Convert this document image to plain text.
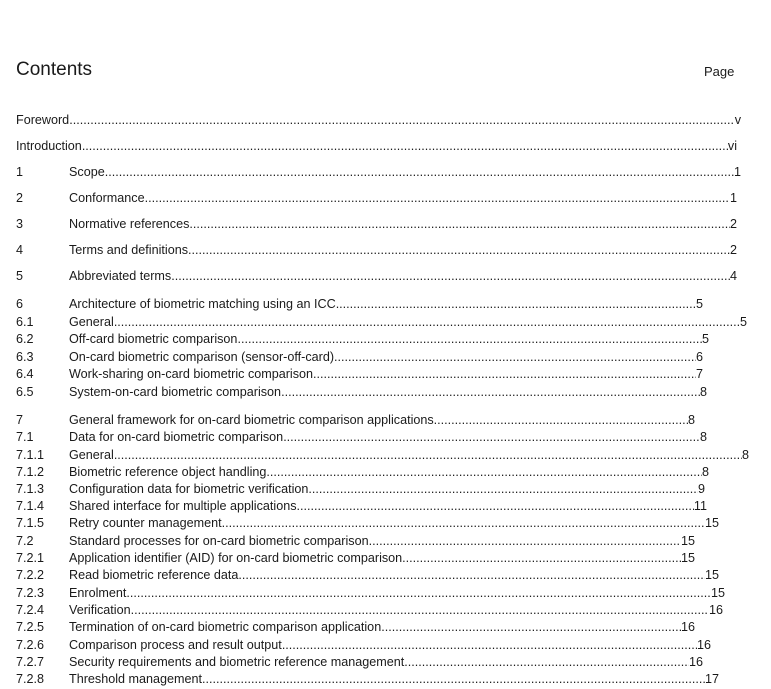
Contents	Page
Foreword .....	v
Introduction .....	vi
1	Scope .....	1
2	Conformance .....	1
3	Normative references .....	2
4	Terms and definitions .....	2
5	Abbreviated terms .....	4
6	Architecture of biometric matching using an ICC .....	5
6.1	General .....	5
6.2	Off-card biometric comparison .....	5
6.3	On-card biometric comparison (sensor-off-card) .....	6
6.4	Work-sharing on-card biometric comparison .....	7
6.5	System-on-card biometric comparison .....	8
7	General framework for on-card biometric comparison applications .....	8
7.1	Data for on-card biometric comparison .....	8
7.1.1	General .....	8
7.1.2	Biometric reference object handling .....	8
7.1.3	Configuration data for biometric verification .....	9
7.1.4	Shared interface for multiple applications .....	11
7.1.5	Retry counter management .....	15
7.2	Standard processes for on-card biometric comparison .....	15
7.2.1	Application identifier (AID) for on-card biometric comparison .....	15
7.2.2	Read biometric reference data .....	15
7.2.3	Enrolment .....	15
7.2.4	Verification .....	16
7.2.5	Termination of on-card biometric comparison application .....	16
7.2.6	Comparison process and result output .....	16
7.2.7	Security requirements and biometric reference management .....	16
7.2.8	Threshold management .....	17
